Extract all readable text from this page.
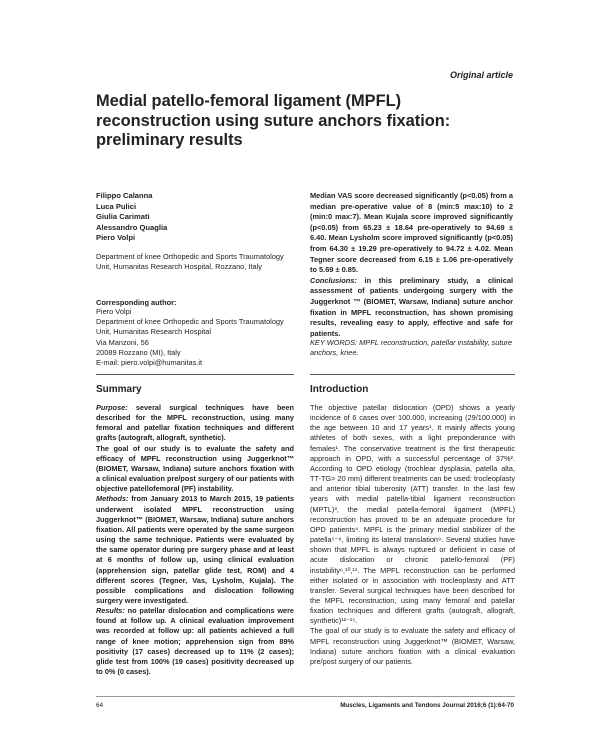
Original article
Medial patello-femoral ligament (MPFL)
reconstruction using suture anchors fixation:
preliminary results
Filippo Calanna
Luca Pulici
Giulia Carimati
Alessandro Quaglia
Piero Volpi
Department of knee Orthopedic and Sports Traumatology Unit, Humanitas Research Hospital, Rozzano, Italy
Corresponding author:
Piero Volpi
Department of knee Orthopedic and Sports Traumatology Unit, Humanitas Research Hospital
Via Manzoni, 56
20089 Rozzano (MI), Italy
E-mail: piero.volpi@humanitas.it

Median VAS score decreased significantly (p<0.05) from a median pre-operative value of 8 (min:5 max:10) to 2 (min:0 max:7). Mean Kujala score improved significantly (p<0.05) from 65.23 ± 18.64 pre-operatively to 94.69 ± 6.40. Mean Lysholm score improved significantly (p<0.05) from 64.30 ± 19.29 pre-operatively to 94.72 ± 4.02. Mean Tegner score decreased from 6.15 ± 1.06 pre-operatively to 5.69 ± 0.85.

Conclusions: in this preliminary study, a clinical assessment of patients undergoing surgery with the Juggerknot ™ (BIOMET, Warsaw, Indiana) suture anchor fixation in MPFL reconstruction, has shown promising results, revealing easy to apply, effective and safe for patients.

KEY WORDS: MPFL reconstruction, patellar instability, suture anchors, knee.
Summary	Introduction

Purpose: several surgical techniques have been described for the MPFL reconstruction, using many femoral and patellar fixation techniques and different grafts (autograft, allograft, synthetic).

The goal of our study is to evaluate the safety and efficacy of MPFL reconstruction using Juggerknot™ (BIOMET, Warsaw, Indiana) suture anchors fixation with a clinical evaluation pre/post surgery of our patients with objective patellofemoral (PF) instability.

Methods: from January 2013 to March 2015, 19 patients underwent isolated MPFL reconstruction using Juggerknot™ (BIOMET, Warsaw, Indiana) suture anchors fixation. All patients were operated by the same surgeon using the same technique. Patients were evaluated by the same operator during pre surgery phase and at least at 6 months of follow up, using clinical evaluation (apprehension sign, patellar glide test, ROM) and 4 different scores (Tegner, Vas, Lysholm, Kujala). The possible complications and dislocation following surgery were investigated.

Results: no patellar dislocation and complications were found at follow up. A clinical evaluation improvement was recorded at follow up: all patients achieved a full range of knee motion; apprehension sign from 89% positivity (17 cases) decreased up to 11% (2 cases); glide test from 100% (19 cases) positivity decreased up to 0% (0 cases).

The objective patellar dislocation (OPD) shows a yearly incidence of 6 cases over 100.000, increasing (29/100.000) in the age between 10 and 17 years¹. It mainly affects young athletes of both sexes, with a light preponderance with females¹. The conservative treatment is the first therapeutic approach in OPD, with a successful percentage of 37%². According to OPD etiology (trochlear dysplasia, patella alta, TT-TG> 20 mm) different treatments can be used: trocleoplasty and anterior tibial tuberosity (ATT) transfer. In the last few years with medial patella-tibial ligament reconstruction (MPTL)³, the medial patella-femoral ligament (MPFL) reconstruction has proved to be an adequate procedure for OPD patients⁴. MPFL is the primary medial stabilizer of the patella⁵⁻⁸, limiting its lateral translation⁹. Several studies have shown that MPFL is always ruptured or deficient in case of acute dislocation or chronic patello-femoral (PF) instability⁶,¹⁰,¹¹. The MPFL reconstruction can be performed either isolated or in association with trocleoplasty and ATT transfer. Several surgical techniques have been described for the MPFL reconstruction, using many femoral and patellar fixation techniques and different grafts (autograft, allograft, synthetic)¹²⁻¹⁵.

The goal of our study is to evaluate the safety and efficacy of MPFL reconstruction using Juggerknot™ (BIOMET, Warsaw, Indiana) suture anchors fixation with a clinical evaluation pre/post surgery of our patients.

64	Muscles, Ligaments and Tendons Journal 2016;6 (1):64-70
